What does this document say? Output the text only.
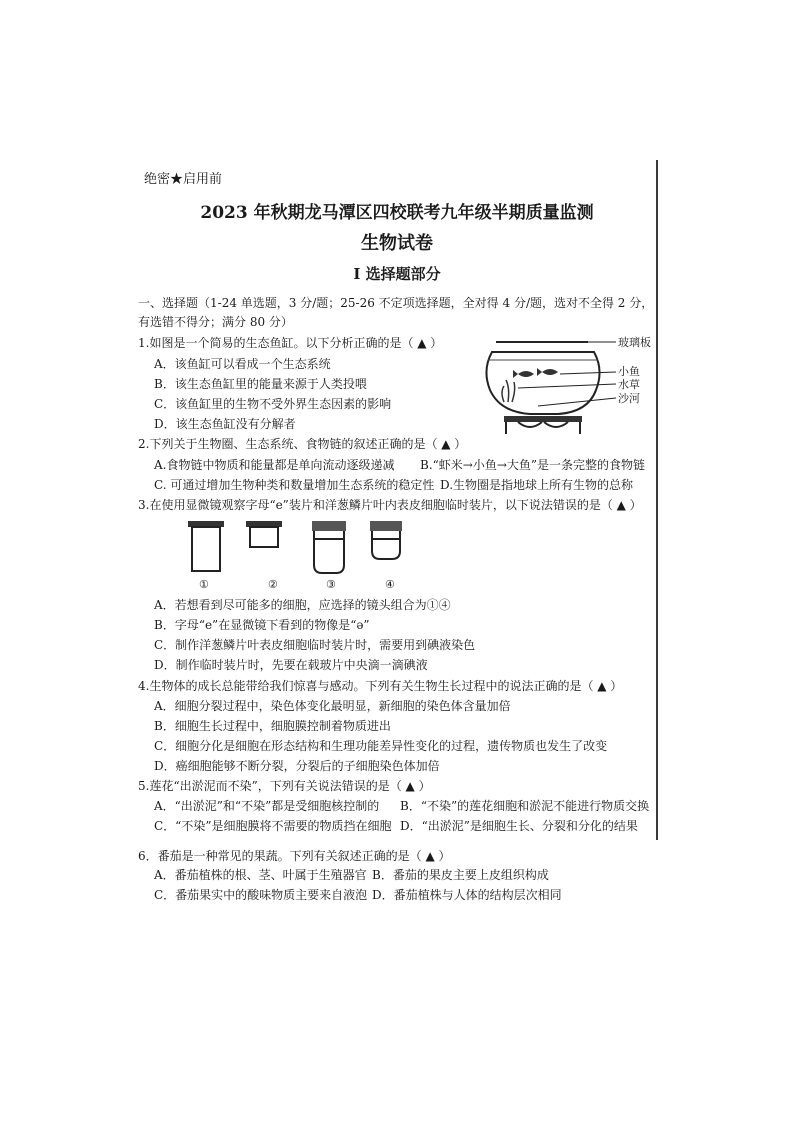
绝密★启用前
2023 年秋期龙马潭区四校联考九年级半期质量监测
生物试卷
I 选择题部分
一、选择题（1-24 单选题，3 分/题；25-26 不定项选择题，全对得 4 分/题，选对不全得 2 分，
有选错不得分；满分 80 分）
1.如图是一个简易的生态鱼缸。以下分析正确的是（ ▲ ）
A．该鱼缸可以看成一个生态系统
B．该生态鱼缸里的能量来源于人类投喂
C．该鱼缸里的生物不受外界生态因素的影响
D．该生态鱼缸没有分解者
玻璃板
小鱼
水草
沙河
2.下列关于生物圈、生态系统、食物链的叙述正确的是（ ▲ ）
A.食物链中物质和能量都是单向流动逐级递减 B.“虾米→小鱼→大鱼”是一条完整的食物链
C. 可通过增加生物种类和数量增加生态系统的稳定性 D.生物圈是指地球上所有生物的总称
3.在使用显微镜观察字母“e”装片和洋葱鳞片叶内表皮细胞临时装片，以下说法错误的是（ ▲ ）
①	②	③	④
A．若想看到尽可能多的细胞，应选择的镜头组合为①④
B．字母“e”在显微镜下看到的物像是“ә”
C．制作洋葱鳞片叶表皮细胞临时装片时，需要用到碘液染色
D．制作临时装片时，先要在载玻片中央滴一滴碘液
4.生物体的成长总能带给我们惊喜与感动。下列有关生物生长过程中的说法正确的是（ ▲ ）
A．细胞分裂过程中，染色体变化最明显，新细胞的染色体含量加倍
B．细胞生长过程中，细胞膜控制着物质进出
C．细胞分化是细胞在形态结构和生理功能差异性变化的过程，遗传物质也发生了改变
D．癌细胞能够不断分裂，分裂后的子细胞染色体加倍
5.莲花“出淤泥而不染”，下列有关说法错误的是（ ▲ ）
A．“出淤泥”和“不染”都是受细胞核控制的 B．“不染”的莲花细胞和淤泥不能进行物质交换
C．“不染”是细胞膜将不需要的物质挡在细胞 D．“出淤泥”是细胞生长、分裂和分化的结果
6．番茄是一种常见的果蔬。下列有关叙述正确的是（ ▲ ）
A．番茄植株的根、茎、叶属于生殖器官 B．番茄的果皮主要上皮组织构成
C．番茄果实中的酸味物质主要来自液泡 D．番茄植株与人体的结构层次相同
